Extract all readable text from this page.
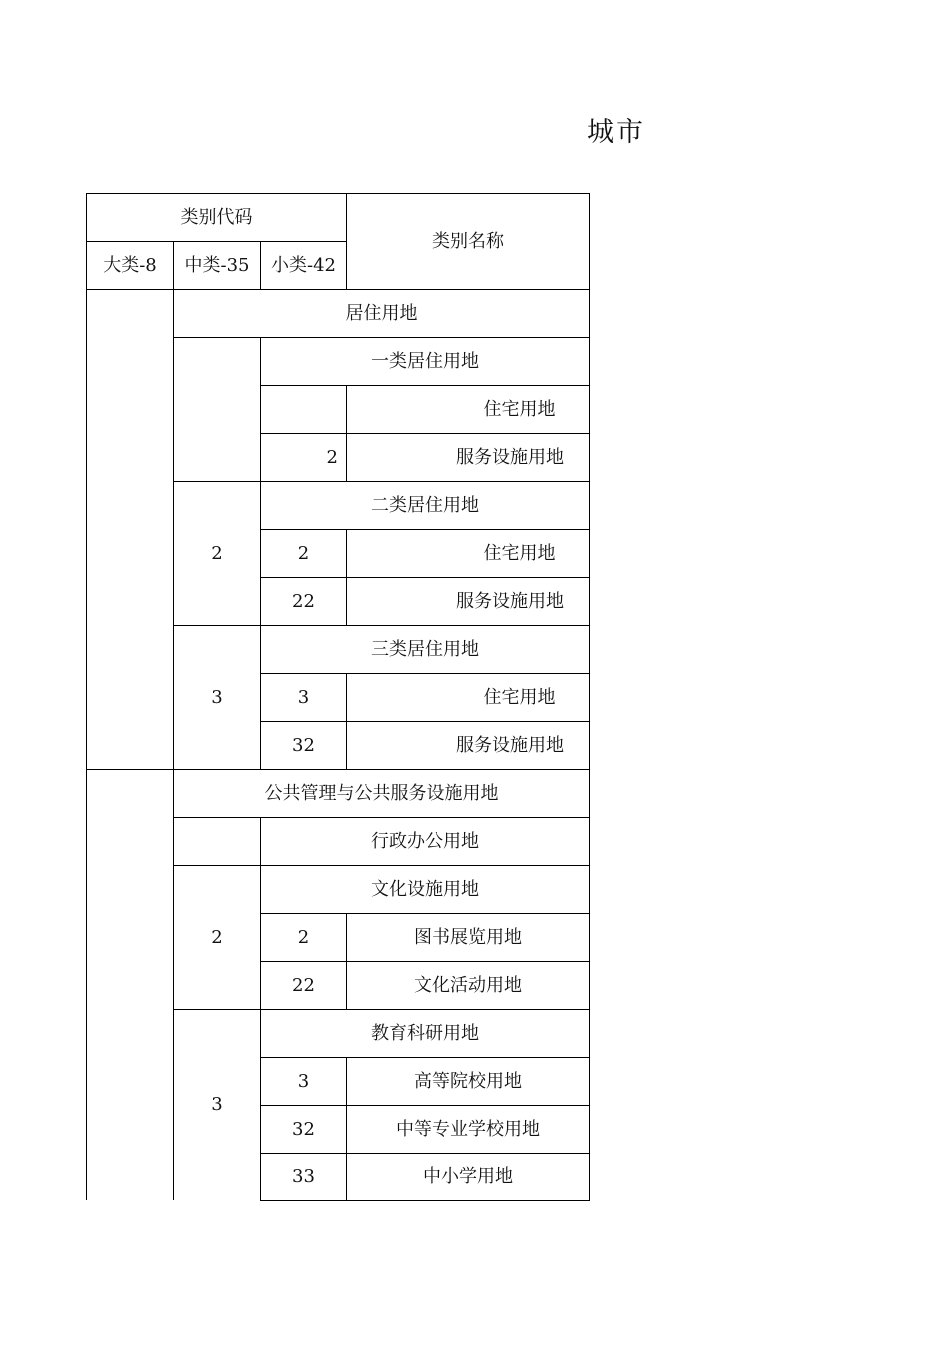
城市
类别代码
类别名称
大类-8	中类-35	小类-42
居住用地
一类居住用地
住宅用地
2	服务设施用地
2
二类居住用地
2	住宅用地
22	服务设施用地
3
三类居住用地
3	住宅用地
32	服务设施用地
公共管理与公共服务设施用地
行政办公用地
2
文化设施用地
2	图书展览用地
22	文化活动用地
3
教育科研用地
3	高等院校用地
32	中等专业学校用地
33	中小学用地
